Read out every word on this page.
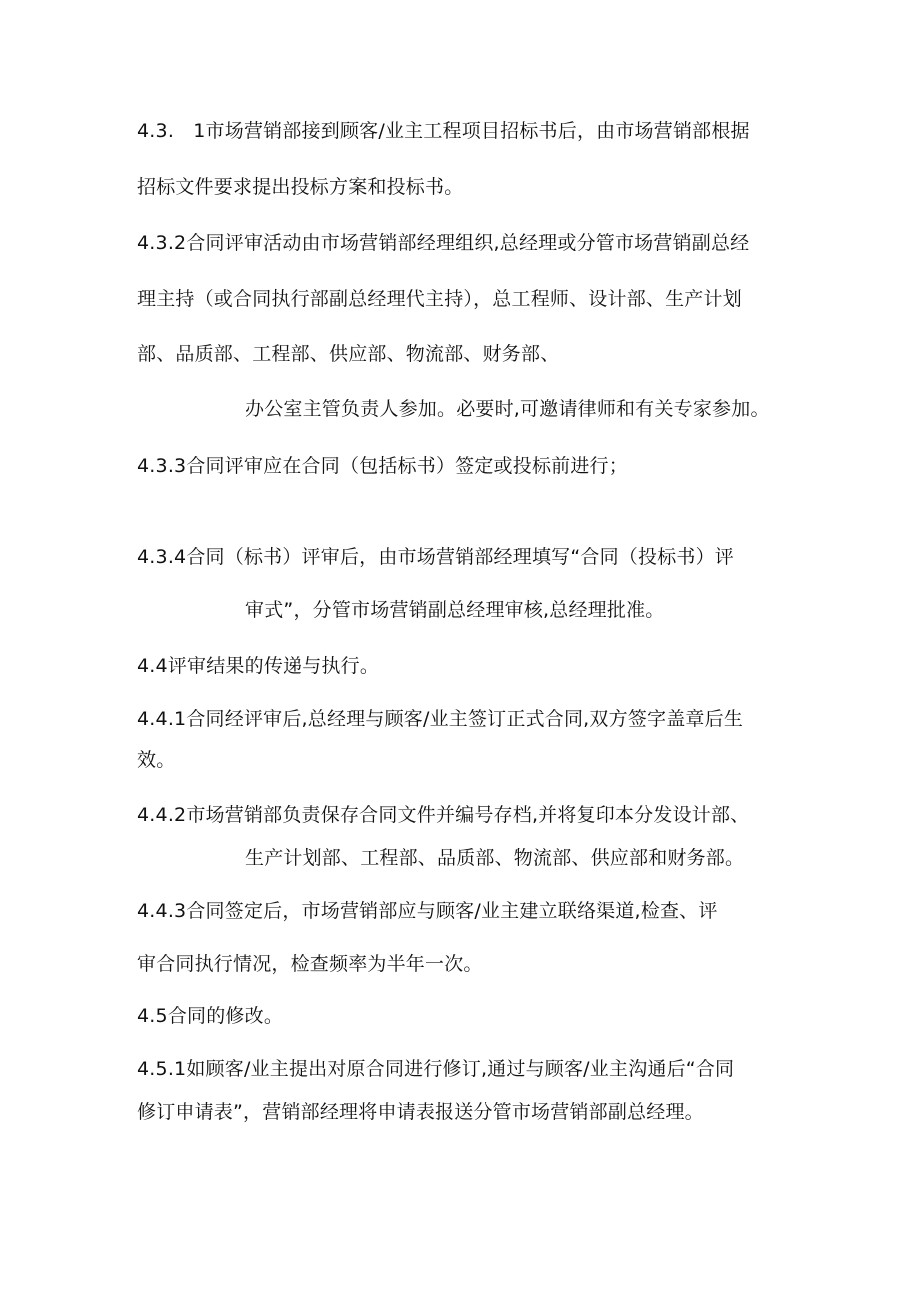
4.3.　1市场营销部接到顾客/业主工程项目招标书后，由市场营销部根据
招标文件要求提出投标方案和投标书。
4.3.2合同评审活动由市场营销部经理组织,总经理或分管市场营销副总经
理主持（或合同执行部副总经理代主持），总工程师、设计部、生产计划
部、品质部、工程部、供应部、物流部、财务部、
办公室主管负责人参加。必要时,可邀请律师和有关专家参加。
4.3.3合同评审应在合同（包括标书）签定或投标前进行；
4.3.4合同（标书）评审后，由市场营销部经理填写“合同（投标书）评
审式”，分管市场营销副总经理审核,总经理批准。
4.4评审结果的传递与执行。
4.4.1合同经评审后,总经理与顾客/业主签订正式合同,双方签字盖章后生
效。
4.4.2市场营销部负责保存合同文件并编号存档,并将复印本分发设计部、
生产计划部、工程部、品质部、物流部、供应部和财务部。
4.4.3合同签定后，市场营销部应与顾客/业主建立联络渠道,检查、评
审合同执行情况，检查频率为半年一次。
4.5合同的修改。
4.5.1如顾客/业主提出对原合同进行修订,通过与顾客/业主沟通后“合同
修订申请表”，营销部经理将申请表报送分管市场营销部副总经理。
